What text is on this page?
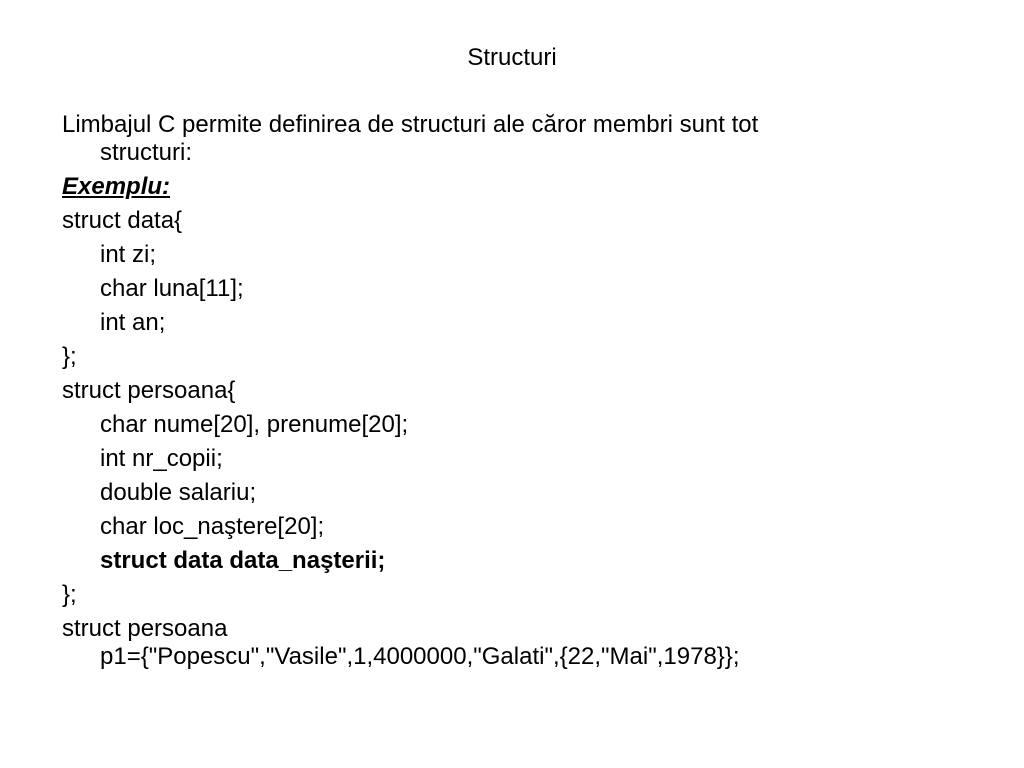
Structuri
Limbajul C permite definirea de structuri ale căror membri sunt tot
structuri:
Exemplu:
struct data{
int zi;
char luna[11];
int an;
};
struct persoana{
char nume[20], prenume[20];
int nr_copii;
double salariu;
char loc_naştere[20];
struct data data_naşterii;
};
struct persoana
p1={"Popescu","Vasile",1,4000000,"Galati",{22,"Mai",1978}};
